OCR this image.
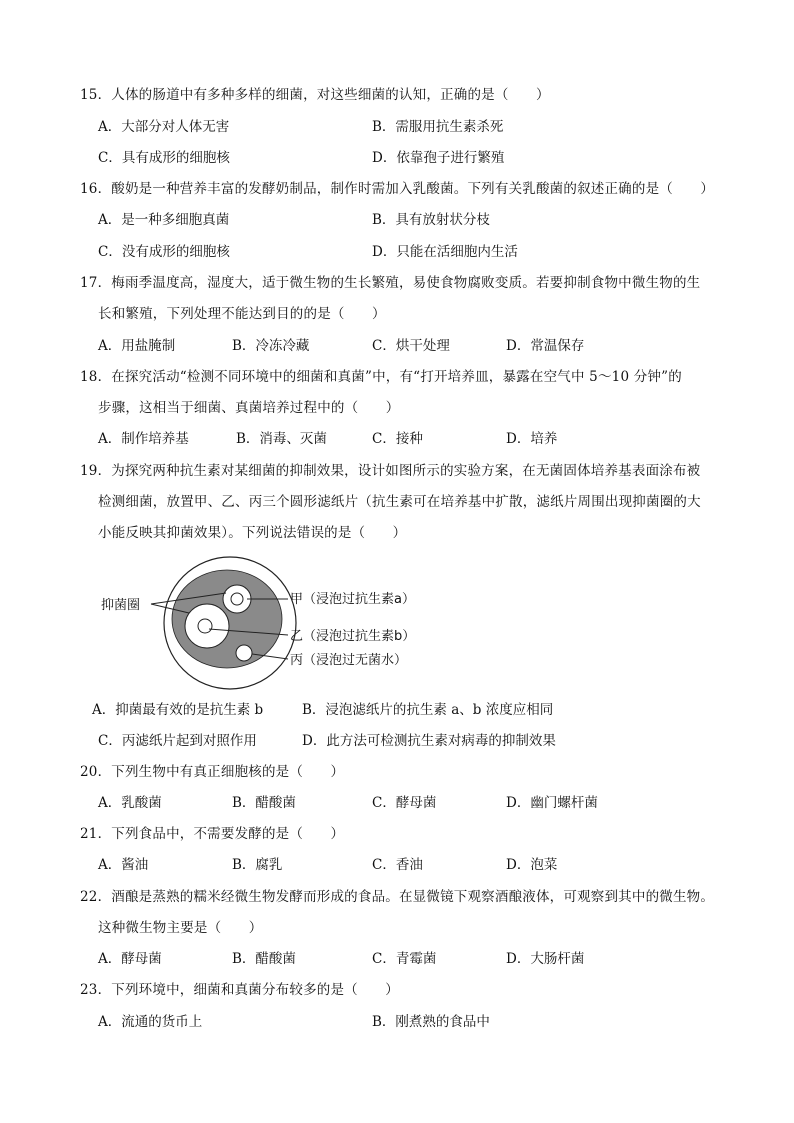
15．人体的肠道中有多种多样的细菌，对这些细菌的认知，正确的是（　　）
A．大部分对人体无害	B．需服用抗生素杀死
C．具有成形的细胞核	D．依靠孢子进行繁殖
16．酸奶是一种营养丰富的发酵奶制品，制作时需加入乳酸菌。下列有关乳酸菌的叙述正确的是（　　）
A．是一种多细胞真菌	B．具有放射状分枝
C．没有成形的细胞核	D．只能在活细胞内生活
17．梅雨季温度高，湿度大，适于微生物的生长繁殖，易使食物腐败变质。若要抑制食物中微生物的生
长和繁殖，下列处理不能达到目的的是（　　）
A．用盐腌制	B．冷冻冷藏	C．烘干处理	D．常温保存
18．在探究活动“检测不同环境中的细菌和真菌”中，有“打开培养皿，暴露在空气中 5～10 分钟”的
步骤，这相当于细菌、真菌培养过程中的（　　）
A．制作培养基	B．消毒、灭菌	C．接种	D．培养
19．为探究两种抗生素对某细菌的抑制效果，设计如图所示的实验方案，在无菌固体培养基表面涂布被
检测细菌，放置甲、乙、丙三个圆形滤纸片（抗生素可在培养基中扩散，滤纸片周围出现抑菌圈的大
小能反映其抑菌效果）。下列说法错误的是（　　）
抑菌圈	甲（浸泡过抗生素a）
乙（浸泡过抗生素b）
丙（浸泡过无菌水）
A．抑菌最有效的是抗生素 b	B．浸泡滤纸片的抗生素 a、b 浓度应相同
C．丙滤纸片起到对照作用	D．此方法可检测抗生素对病毒的抑制效果
20．下列生物中有真正细胞核的是（　　）
A．乳酸菌	B．醋酸菌	C．酵母菌	D．幽门螺杆菌
21．下列食品中，不需要发酵的是（　　）
A．酱油	B．腐乳	C．香油	D．泡菜
22．酒酿是蒸熟的糯米经微生物发酵而形成的食品。在显微镜下观察酒酿液体，可观察到其中的微生物。
这种微生物主要是（　　）
A．酵母菌	B．醋酸菌	C．青霉菌	D．大肠杆菌
23．下列环境中，细菌和真菌分布较多的是（　　）
A．流通的货币上	B．刚煮熟的食品中
